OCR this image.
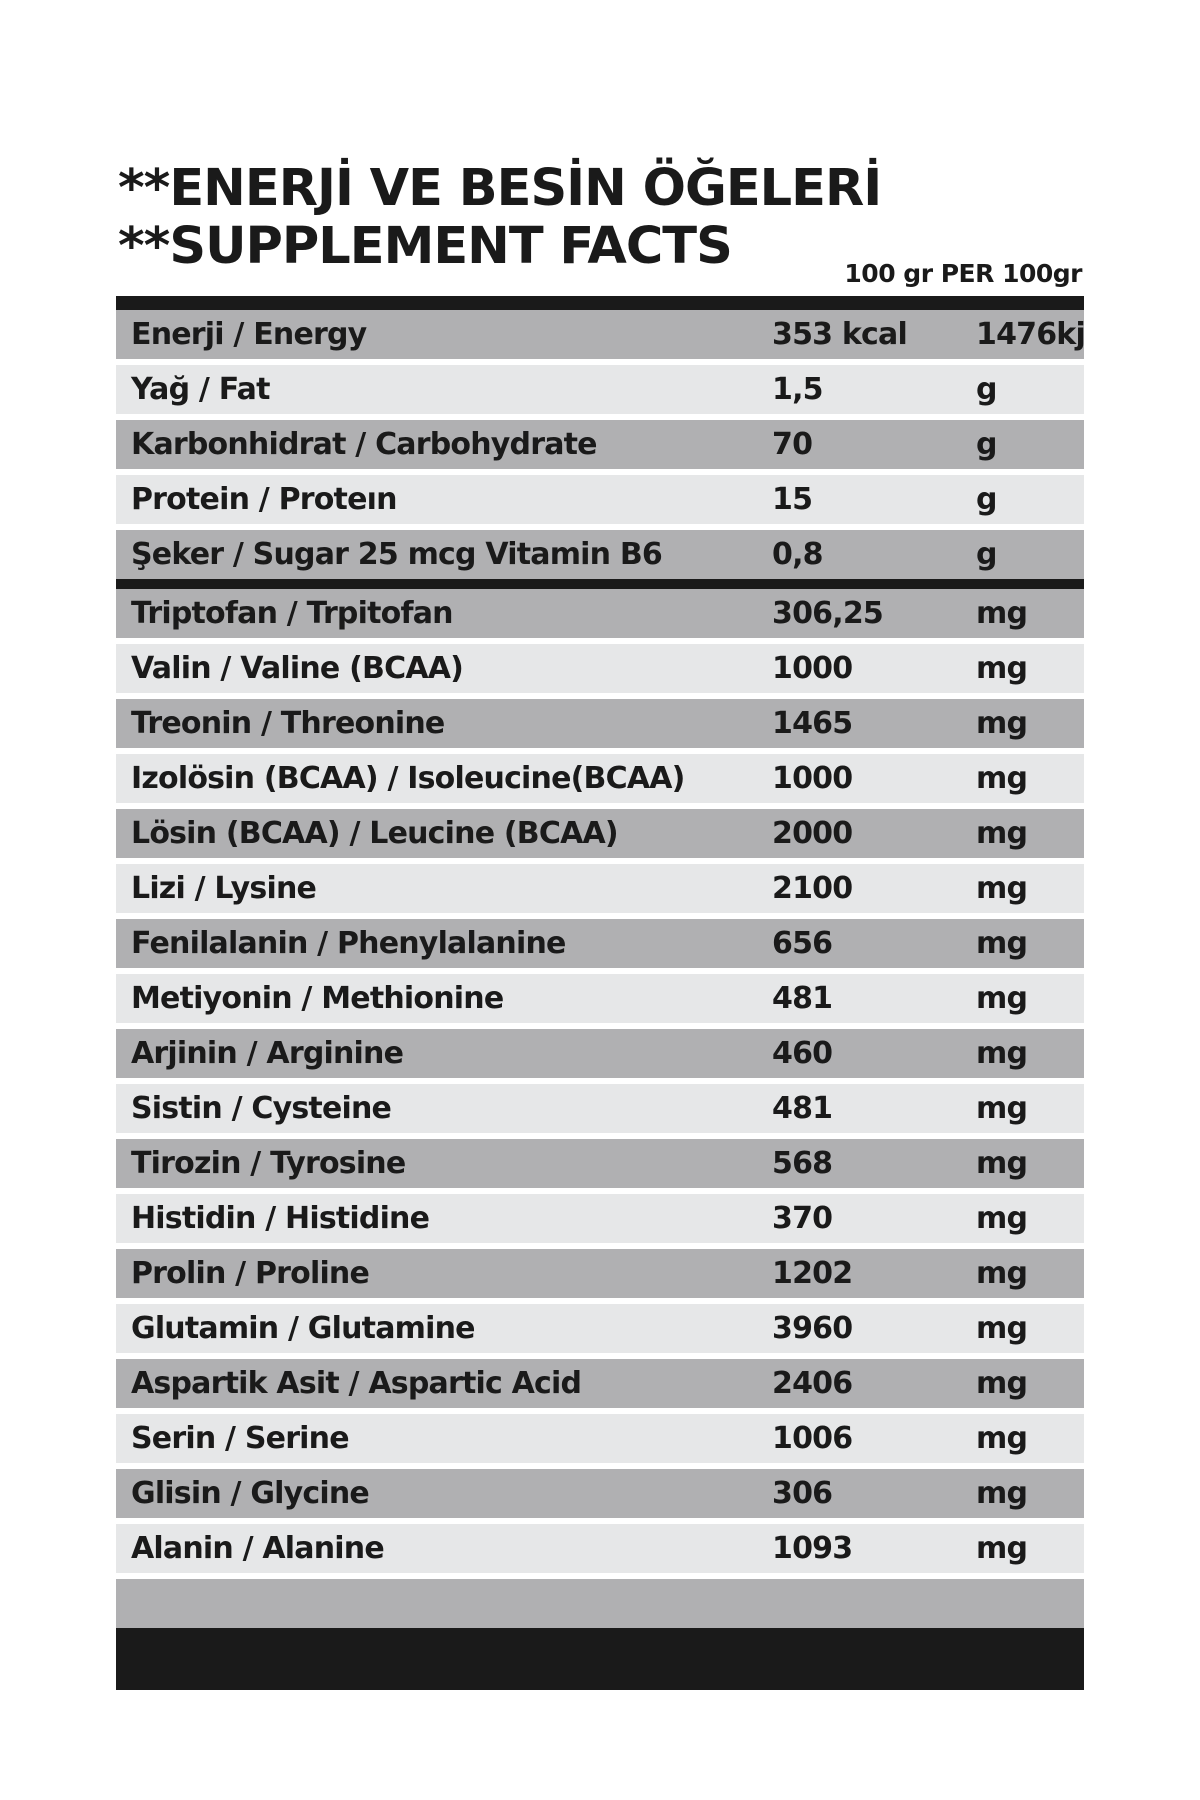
**ENERJİ VE BESİN ÖĞELERİ
**SUPPLEMENT FACTS	100 gr PER 100gr
Enerji / Energy	353 kcal 1476kj
Yağ / Fat	1,5	g
Karbonhidrat / Carbohydrate	70	g
Protein / Proteın	15	g
Şeker / Sugar 25 mcg Vitamin B6	0,8	g
Triptofan / Trpitofan	306,25	mg
Valin / Valine (BCAA)	1000	mg
Treonin / Threonine	1465	mg
Izolösin (BCAA) / Isoleucine(BCAA)	1000	mg
Lösin (BCAA) / Leucine (BCAA)	2000	mg
Lizi / Lysine	2100	mg
Fenilalanin / Phenylalanine	656	mg
Metiyonin / Methionine	481	mg
Arjinin / Arginine	460	mg
Sistin / Cysteine	481	mg
Tirozin / Tyrosine	568	mg
Histidin / Histidine	370	mg
Prolin / Proline	1202	mg
Glutamin / Glutamine	3960	mg
Aspartik Asit / Aspartic Acid	2406	mg
Serin / Serine	1006	mg
Glisin / Glycine	306	mg
Alanin / Alanine	1093	mg
